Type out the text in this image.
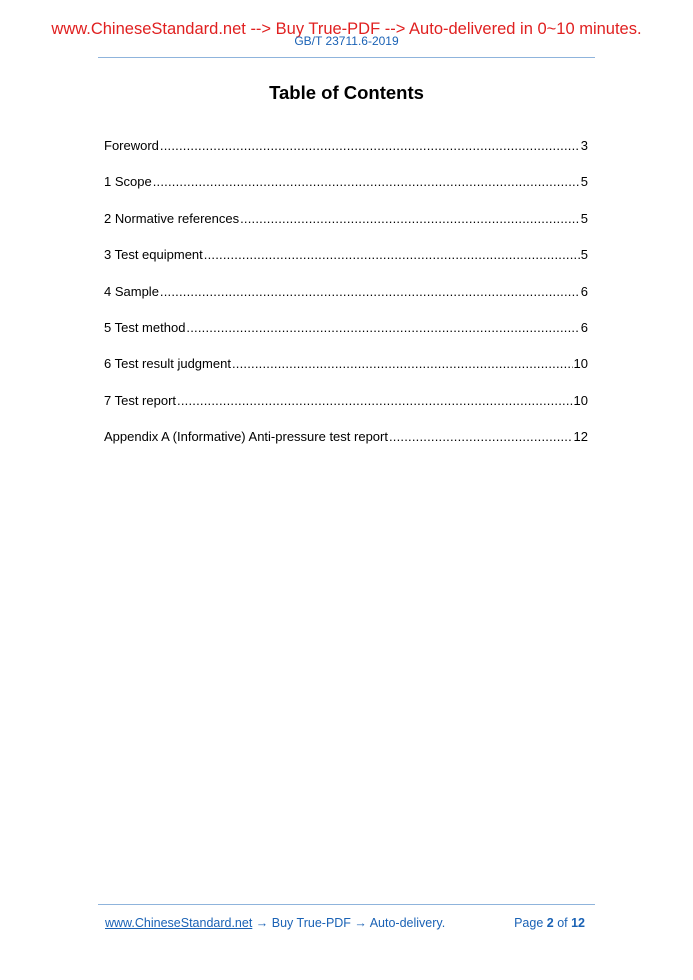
www.ChineseStandard.net --> Buy True-PDF --> Auto-delivered in 0~10 minutes.
GB/T 23711.6-2019
Table of Contents
Foreword .....	3
1 Scope .....	5
2 Normative references .....	5
3 Test equipment .....	5
4 Sample .....	6
5 Test method .....	6
6 Test result judgment .....	10
7 Test report .....	10
Appendix A (Informative) Anti-pressure test report .....	12
www.ChineseStandard.net → Buy True-PDF → Auto-delivery.	Page 2 of 12
